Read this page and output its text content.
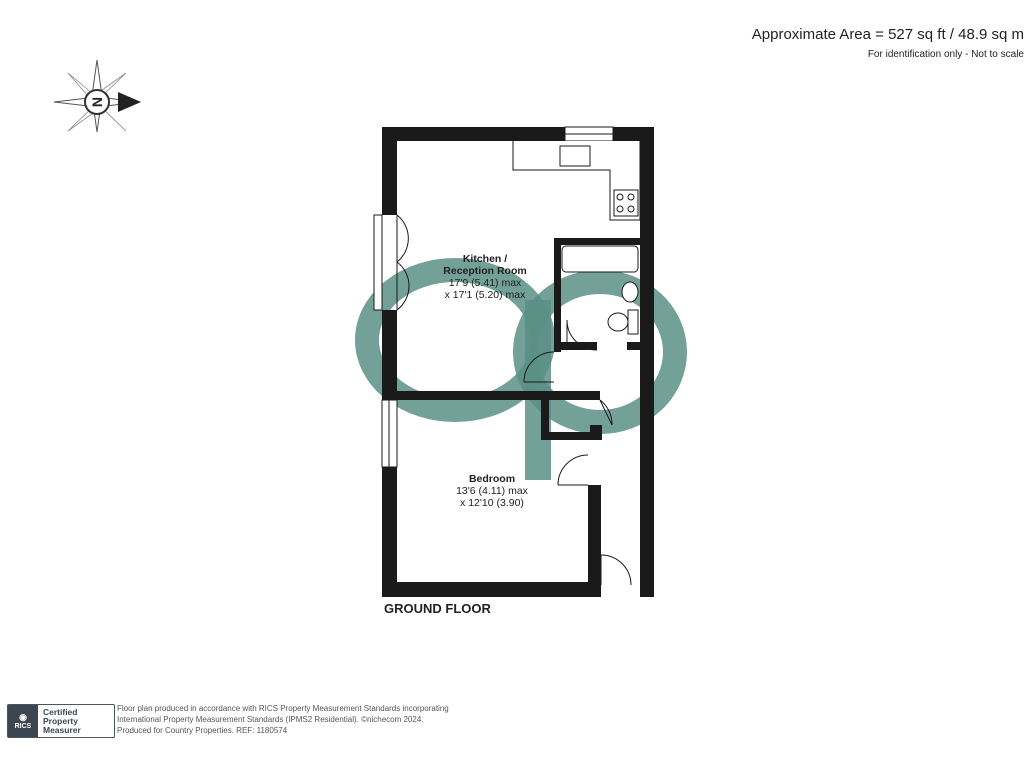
Approximate Area = 527 sq ft / 48.9 sq m
For identification only - Not to scale
N
Kitchen /
Reception Room
17'9 (5.41) max
x 17'1 (5.20) max
Bedroom
13'6 (4.11) max
x 12'10 (3.90)
GROUND FLOOR
◉
RICS
Certified
Property
Measurer
Floor plan produced in accordance with RICS Property Measurement Standards incorporating
International Property Measurement Standards (IPMS2 Residential). ©nichecom 2024.
Produced for Country Properties. REF: 1180574
